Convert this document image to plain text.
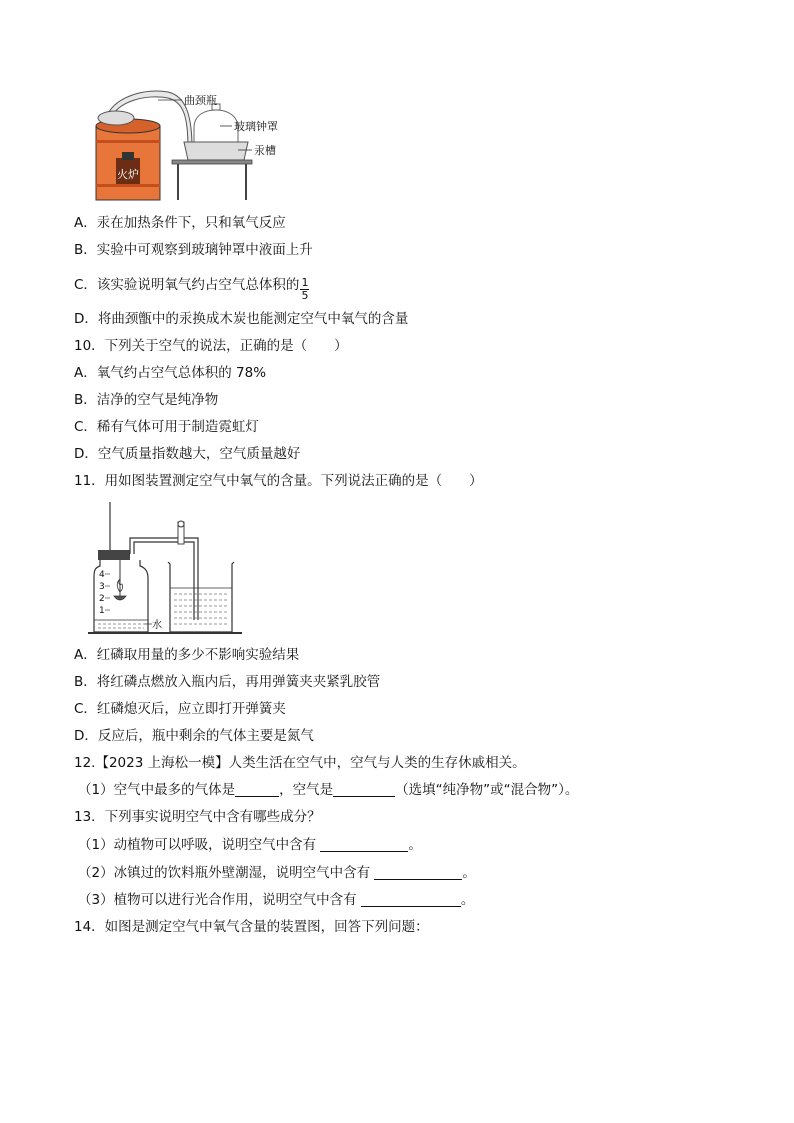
火炉
曲颈瓶
玻璃钟罩
汞槽
A．汞在加热条件下，只和氧气反应
B．实验中可观察到玻璃钟罩中液面上升
C．该实验说明氧气约占空气总体积的 $\frac{1}{5}$
D．将曲颈甑中的汞换成木炭也能测定空气中氧气的含量
10．下列关于空气的说法，正确的是（　　）
A．氧气约占空气总体积的 78%
B．洁净的空气是纯净物
C．稀有气体可用于制造霓虹灯
D．空气质量指数越大，空气质量越好
11．用如图装置测定空气中氧气的含量。下列说法正确的是（　　）
4
3
2
1
水
A．红磷取用量的多少不影响实验结果
B．将红磷点燃放入瓶内后，再用弹簧夹夹紧乳胶管
C．红磷熄灭后，应立即打开弹簧夹
D．反应后，瓶中剩余的气体主要是氮气
12.【2023 上海松一模】人类生活在空气中，空气与人类的生存休戚相关。
（1）空气中最多的气体是	，空气是	（选填“纯净物”或“混合物”）。
13．下列事实说明空气中含有哪些成分？
（1）动植物可以呼吸，说明空气中含有	。
（2）冰镇过的饮料瓶外壁潮湿，说明空气中含有	。
（3）植物可以进行光合作用，说明空气中含有	。
14．如图是测定空气中氧气含量的装置图，回答下列问题：
